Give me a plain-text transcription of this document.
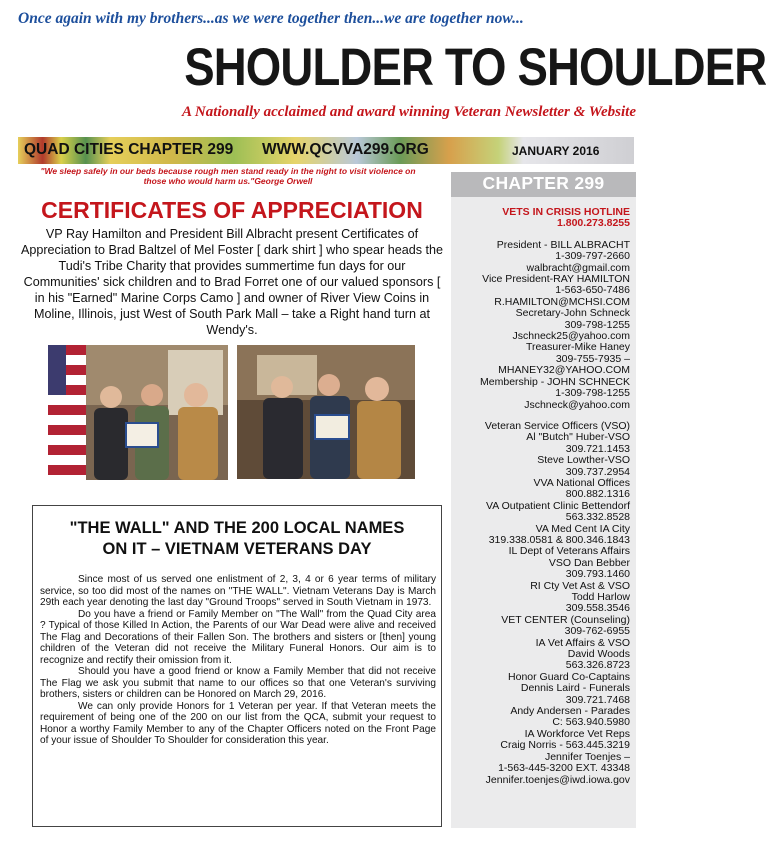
Once again with my brothers...as we were together then...we are together now...
SHOULDER TO SHOULDER
A Nationally acclaimed and award winning Veteran Newsletter & Website
QUAD CITIES CHAPTER 299 WWW.QCVVA299.ORG	JANUARY 2016
"We sleep safely in our beds because rough men stand ready in the night to visit violence on those who would harm us."George Orwell
CERTIFICATES OF APPRECIATION
VP Ray Hamilton and President Bill Albracht present Certificates of Appreciation to Brad Baltzel of Mel Foster [ dark shirt ] who spear heads the Tudi's Tribe Charity that provides summertime fun days for our Communities' sick children and to Brad Forret one of our valued sponsors [ in his "Earned" Marine Corps Camo ] and owner of River View Coins in Moline, Illinois, just West of South Park Mall – take a Right hand turn at Wendy's.
"THE WALL" AND THE 200 LOCAL NAMES
ON IT – VIETNAM VETERANS DAY

Since most of us served one enlistment of 2, 3, 4 or 6 year terms of military service, so too did most of the names on "THE WALL". Vietnam Veterans Day is March 29th each year denoting the last day "Ground Troops" served in South Vietnam in 1973.

Do you have a friend or Family Member on "The Wall" from the Quad City area ? Typical of those Killed In Action, the Parents of our War Dead were alive and received The Flag and Decorations of their Fallen Son. The brothers and sisters or [then] young children of the Veteran did not receive the Military Funeral Honors. Our aim is to recognize and rectify their omission from it.

Should you have a good friend or know a Family Member that did not receive The Flag we ask you submit that name to our offices so that one Veteran's surviving brothers, sisters or children can be Honored on March 29, 2016.

We can only provide Honors for 1 Veteran per year. If that Veteran meets the requirement of being one of the 200 on our list from the QCA, submit your request to Honor a worthy Family Member to any of the Chapter Officers noted on the Front Page of your issue of Shoulder To Shoulder for consideration this year.

CHAPTER 299
VETS IN CRISIS HOTLINE
1.800.273.8255
President - BILL ALBRACHT
1-309-797-2660
walbracht@gmail.com
Vice President-RAY HAMILTON
1-563-650-7486
R.HAMILTON@MCHSI.COM
Secretary-John Schneck
309-798-1255
Jschneck25@yahoo.com
Treasurer-Mike Haney
309-755-7935 –
MHANEY32@YAHOO.COM
Membership - JOHN SCHNECK
1-309-798-1255
Jschneck@yahoo.com
Veteran Service Officers (VSO)
Al "Butch" Huber-VSO
309.721.1453
Steve Lowther-VSO
309.737.2954
VVA National Offices
800.882.1316
VA Outpatient Clinic Bettendorf
563.332.8528
VA Med Cent IA City
319.338.0581 & 800.346.1843
IL Dept of Veterans Affairs
VSO Dan Bebber
309.793.1460
RI Cty Vet Ast & VSO
Todd Harlow
309.558.3546
VET CENTER (Counseling)
309-762-6955
IA Vet Affairs & VSO
David Woods
563.326.8723
Honor Guard Co-Captains
Dennis Laird - Funerals
309.721.7468
Andy Andersen - Parades
C: 563.940.5980
IA Workforce Vet Reps
Craig Norris - 563.445.3219
Jennifer Toenjes –
1-563-445-3200 EXT. 43348
Jennifer.toenjes@iwd.iowa.gov
